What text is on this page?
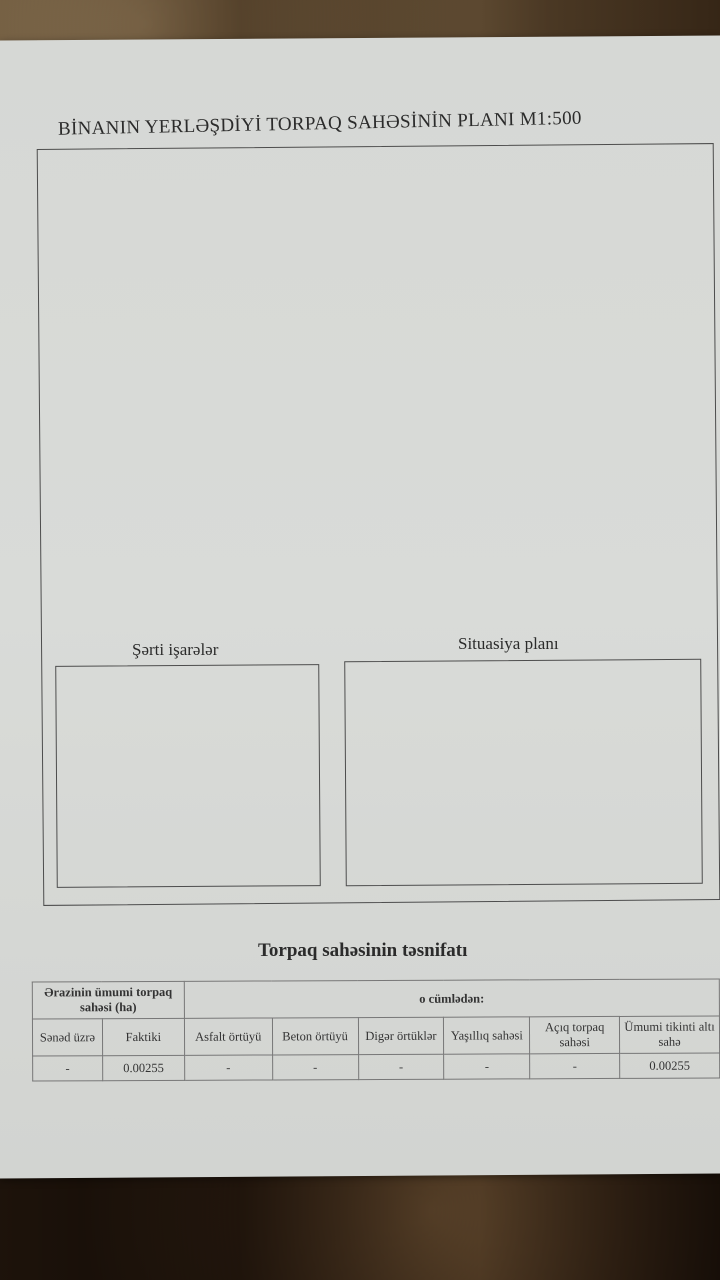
BİNANIN YERLƏŞDİYİ TORPAQ SAHƏSİNİN PLANI M1:500
Şərti işarələr	Situasiya planı
Torpaq sahəsinin təsnifatı
Ərazinin ümumi torpaq sahəsi (ha)		o cümlədən:					
Sənəd üzrə	Faktiki	Asfalt örtüyü	Beton örtüyü	Digər örtüklər	Yaşıllıq sahəsi	Açıq torpaq sahəsi	Ümumi tikinti altı sahə
-	0.00255	-	-	-	-	-	0.00255
